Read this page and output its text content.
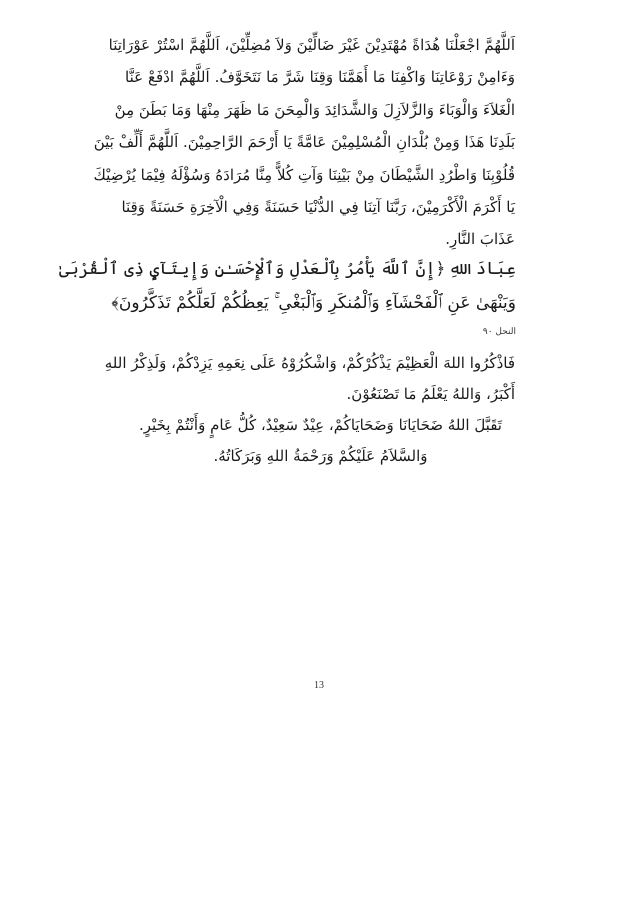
اَللَّهُمَّ اجْعَلْنَا هُدَاةً مُهْتَدِيْنَ غَيْرَ ضَالِّيْنَ وَلاَ مُضِلِّيْنَ، اَللَّهُمَّ اسْتُرْ عَوْرَاتِنَا
وَءَامِنْ رَوْعَاتِنَا وَاكْفِنَا مَا أَهَمَّنَا وَقِنَا شَرَّ مَا نَتَخَوَّفُ. اَللَّهُمَّ ادْفَعْ عَنَّا
الْغَلاَءَ وَالْوَبَاءَ وَالزَّلاَزِلَ وَالشَّدَائِدَ وَالْمِحَنَ مَا ظَهَرَ مِنْهَا وَمَا بَطَنَ مِنْ
بَلَدِنَا هَذَا وَمِنْ بُلْدَانِ الْمُسْلِمِيْنَ عَامَّةً يَا أَرْحَمَ الرَّاحِمِيْنَ. اَللَّهُمَّ أَلِّفْ بَيْنَ
قُلُوْبِنَا وَاطْرُدِ الشَّيْطَانَ مِنْ بَيْنِنَا وَآتِ كُلاًّ مِنَّا مُرَادَهُ وَسُؤْلَهُ فِيْمَا يُرْضِيْكَ
يَا أَكْرَمَ الْأَكْرَمِيْنَ، رَبَّنَا آتِنَا فِي الدُّنْيَا حَسَنَةً وَفِي الْآخِرَةِ حَسَنَةً وَقِنَا
عَذَابَ النَّارِ.
عِبَادَ اللهِ ﴿إِنَّ ٱللَّهَ يَأْمُرُ بِٱلْعَدْلِ وَٱلْإِحْسَـٰنِ وَإِيتَآيِٕ ذِى ٱلْقُرْبَىٰ
وَيَنْهَىٰ عَنِ ٱلْفَحْشَآءِ وَٱلْمُنكَرِ وَٱلْبَغْىِ ۚ يَعِظُكُمْ لَعَلَّكُمْ تَذَكَّرُونَ﴾
النحل ٩٠
فَاذْكُرُوا اللهَ الْعَظِيْمَ يَذْكُرْكُمْ، وَاشْكُرُوْهُ عَلَى نِعَمِهِ يَزِدْكُمْ، وَلَذِكْرُ اللهِ
أَكْبَرُ، وَاللهُ يَعْلَمُ مَا تَصْنَعُوْنَ.
تَقَبَّلَ اللهُ ضَحَايَانَا وَضَحَايَاكُمْ، عِيْدٌ سَعِيْدٌ، كُلُّ عَامٍ وَأَنْتُمْ بِخَيْرٍ.
وَالسَّلاَمُ عَلَيْكُمْ وَرَحْمَةُ اللهِ وَبَرَكَاتُهُ.
13
